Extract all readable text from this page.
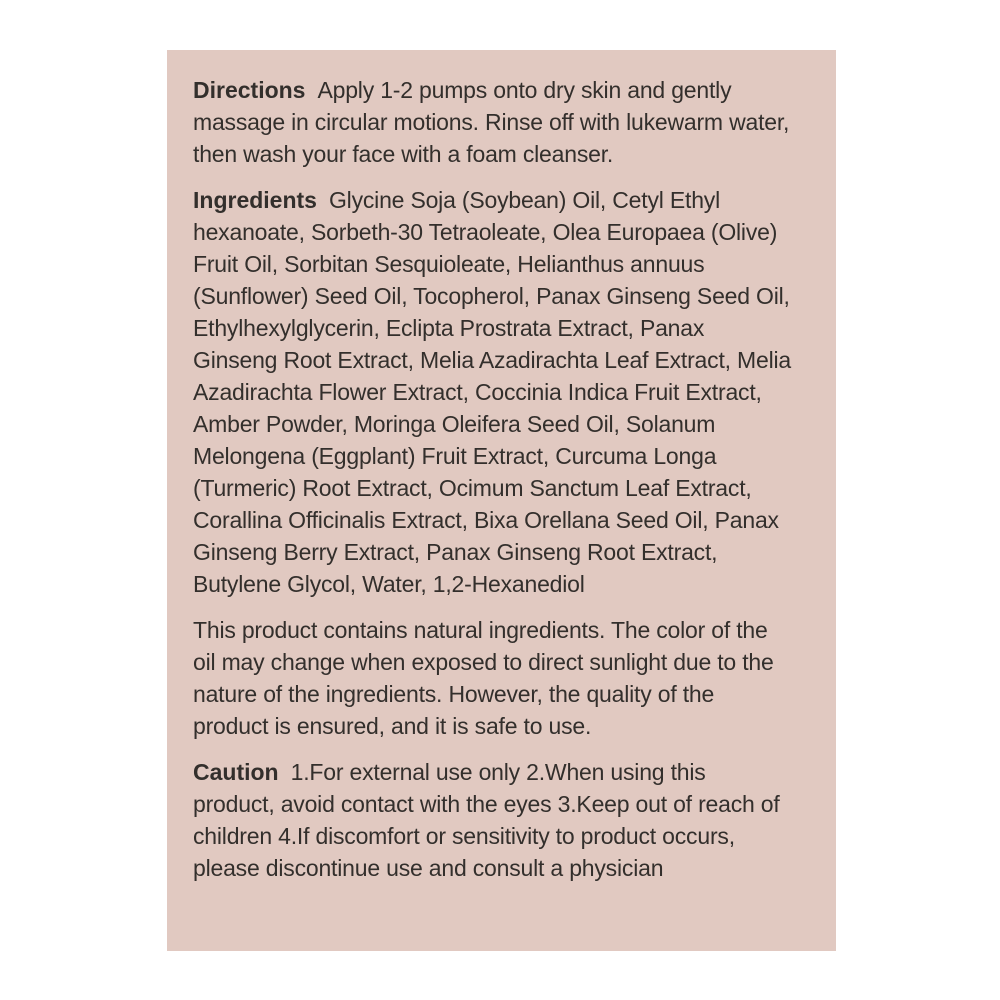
Directions Apply 1-2 pumps onto dry skin and gently massage in circular motions. Rinse off with lukewarm water, then wash your face with a foam cleanser.

Ingredients Glycine Soja (Soybean) Oil, Cetyl Ethyl hexanoate, Sorbeth-30 Tetraoleate, Olea Europaea (Olive) Fruit Oil, Sorbitan Sesquioleate, Helianthus annuus (Sunflower) Seed Oil, Tocopherol, Panax Ginseng Seed Oil, Ethylhexylglycerin, Eclipta Prostrata Extract, Panax Ginseng Root Extract, Melia Azadirachta Leaf Extract, Melia Azadirachta Flower Extract, Coccinia Indica Fruit Extract, Amber Powder, Moringa Oleifera Seed Oil, Solanum Melongena (Eggplant) Fruit Extract, Curcuma Longa (Turmeric) Root Extract, Ocimum Sanctum Leaf Extract, Corallina Officinalis Extract, Bixa Orellana Seed Oil, Panax Ginseng Berry Extract, Panax Ginseng Root Extract, Butylene Glycol, Water, 1,2-Hexanediol

This product contains natural ingredients. The color of the oil may change when exposed to direct sunlight due to the nature of the ingredients. However, the quality of the product is ensured, and it is safe to use.

Caution 1.For external use only 2.When using this product, avoid contact with the eyes 3.Keep out of reach of children 4.If discomfort or sensitivity to product occurs, please discontinue use and consult a physician
